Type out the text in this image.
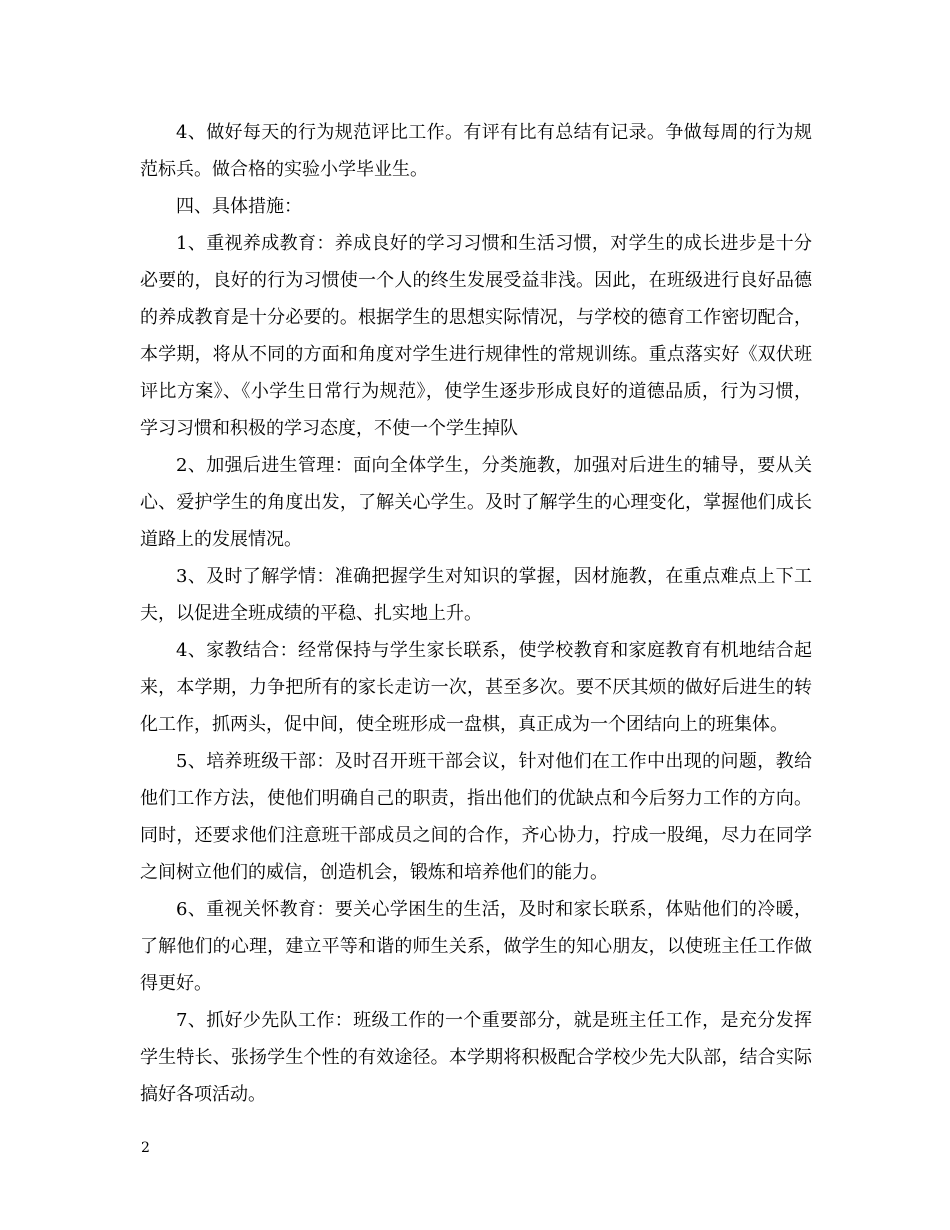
4、做好每天的行为规范评比工作。有评有比有总结有记录。争做每周的行为规范标兵。做合格的实验小学毕业生。

四、具体措施：

1、重视养成教育：养成良好的学习习惯和生活习惯，对学生的成长进步是十分必要的，良好的行为习惯使一个人的终生发展受益非浅。因此，在班级进行良好品德的养成教育是十分必要的。根据学生的思想实际情况，与学校的德育工作密切配合，本学期，将从不同的方面和角度对学生进行规律性的常规训练。重点落实好《双伏班评比方案》、《小学生日常行为规范》，使学生逐步形成良好的道德品质，行为习惯，学习习惯和积极的学习态度，不使一个学生掉队

2、加强后进生管理：面向全体学生，分类施教，加强对后进生的辅导，要从关心、爱护学生的角度出发，了解关心学生。及时了解学生的心理变化，掌握他们成长道路上的发展情况。

3、及时了解学情：准确把握学生对知识的掌握，因材施教，在重点难点上下工夫，以促进全班成绩的平稳、扎实地上升。

4、家教结合：经常保持与学生家长联系，使学校教育和家庭教育有机地结合起来，本学期，力争把所有的家长走访一次，甚至多次。要不厌其烦的做好后进生的转化工作，抓两头，促中间，使全班形成一盘棋，真正成为一个团结向上的班集体。

5、培养班级干部：及时召开班干部会议，针对他们在工作中出现的问题，教给他们工作方法，使他们明确自己的职责，指出他们的优缺点和今后努力工作的方向。同时，还要求他们注意班干部成员之间的合作，齐心协力，拧成一股绳，尽力在同学之间树立他们的威信，创造机会，锻炼和培养他们的能力。

6、重视关怀教育：要关心学困生的生活，及时和家长联系，体贴他们的冷暖，了解他们的心理，建立平等和谐的师生关系，做学生的知心朋友，以使班主任工作做得更好。

7、抓好少先队工作：班级工作的一个重要部分，就是班主任工作，是充分发挥学生特长、张扬学生个性的有效途径。本学期将积极配合学校少先大队部，结合实际搞好各项活动。

2
